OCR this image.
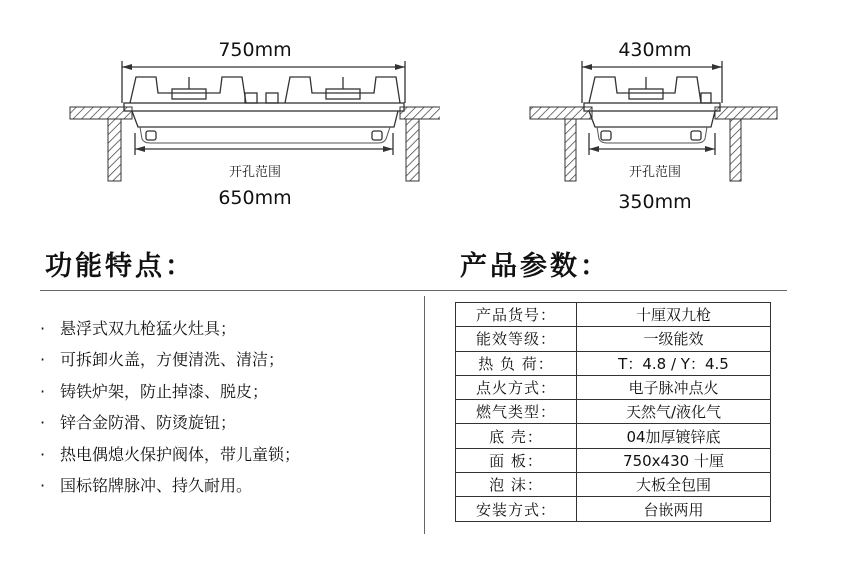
750mm
开孔范围
650mm
430mm
开孔范围
350mm
功能特点：	产品参数：
· 悬浮式双九枪猛火灶具；
· 可拆卸火盖，方便清洗、清洁；
· 铸铁炉架，防止掉漆、脱皮；
· 锌合金防滑、防烫旋钮；
· 热电偶熄火保护阀体，带儿童锁；
· 国标铭牌脉冲、持久耐用。
产品货号：	十厘双九枪
能效等级：	一级能效
热 负 荷：	T：4.8 / Y：4.5
点火方式：	电子脉冲点火
燃气类型：	天然气/液化气
底 壳：	04加厚镀锌底
面 板：	750x430 十厘
泡 沫：	大板全包围
安装方式：	台嵌两用
